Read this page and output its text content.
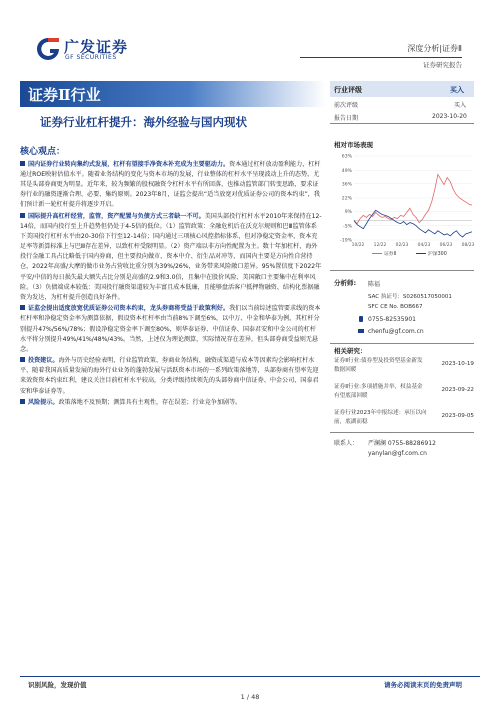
广发证券
GF SECURITIES
深度分析|证券Ⅱ
证券研究报告
证券Ⅱ行业
证券行业杠杆提升：海外经验与国内现状
行业评级	买入
前次评级	买入
报告日期	2023-10-20
相对市场表现
63%
49%
36%
22%
9%
-5%
-19%
10/22 12/22 02/23 04/23 06/23 08/23
证券Ⅱ	沪深300
分析师: 陈福
SAC 执证号：S0260517050001
SFC CE No. BOB667
0755-82535901
chenfu@gf.com.cn
相关研究：
证券Ⅱ行业:债券型及投资型基金新发数据回暖
2023-10-19
证券Ⅱ行业:多项措施并举，权益基金有望底部回暖
2023-09-22
证券行业2023年中报综述：承压以向前，底湖而稳
2023-09-05
联系人： 严澜澜 0755-88286912
yanylan@gf.com.cn
核心观点：

国内证券行业转向集约式发展，杠杆有望接手净资本补充成为主要驱动力。资本通过杠杆放动盈利能力，杠杆通过ROE映射估值水平。随着业务结构的变化与资本市场的发展，行业整体的杠杆水平呈现波动上升的态势，尤其是头部券商更为明显。近年来，较为频繁的股权融资令杠杆水平有所回落，也推动监管部门转变思路，要求证券行业的融资逐渐合理、必要、集约原则。2023年8月，证监会提出“适当放宽对优质证券公司的资本约束”，我们预计新一轮杠杆提升将逐步开启。

国际提升高杠杆经营，监管，资产配置与负债方式三者缺一不可。美国头部投行杠杆水平2010年来保持在12-14倍，而国内投行至上升趋势但仍处于4-5倍的低位。（1）监管政策：全融危机后在沃克尔规则和巴Ⅲ监管体系下美国投行杠杆水平由20-30倍下行至12-14倍；国内通过三项核心风控指标体系，但对净稳定资金率、资本充足率等新算标准上与巴Ⅲ存在差异，以致杠杆受限明显。（2）资产端以非方向性配置为主。数十年加杠杆，海外投行金融工具占比略低于国内券商，但主要投向做市、资本中介、衍生品对冲等，而国内主要是方向性自营持仓，2022年高盛/大摩的做市业务占营收比重分别为39%/26%，业务带来风险敞口差异。95%置信度下2022年平安/中信的每日损失最大额失占比分别是高盛的2.9和3.0倍，且集中在股价风险、美国敞口主要集中在利率风险。（3）负债端成本较低：美国投行融资渠道较为丰富且成本低廉，且能够盘活客户抵押物融资、结构化票据融资为发达，为杠杆提升创造良好条件。

证监会提出适度放宽优质证券公司资本约束，龙头券商将受益于政策利好。我们以当前综述监管要求线的资本杠杆率和净稳定资金率为测算依据，假设资本杠杆率由当前8%下调至6%，以中万、中金和华泰为例，其杠杆分别提升47%/56%/78%；假设净稳定资金率下调至80%，则华泰证券、中信证券、国泰君安和中金公司的杠杆水平将分别提升49%/41%/48%/43%。当然，上述仅为理论测算，实际情况存在差异，但头部券商受益则无悬念。

投资建议。海外与历史经验表明，行业监管政策、券商业务结构、融资成渠道与成本等因素均会影响杠杆水平，随着我国高质量发展的海外行业业务的蓬勃发展与活跃资本市场的一系列政策落地等，头部券商有望率先迎来效资资本约束红利，建议关注目前杠杆水平较高，分类评级持续领先的头部券商中信证券、中金公司、国泰君安和华泰证券等。

风险提示。政策落地不及预期；测算具有主观性，存在误差；行业竞争加剧等。

识别风险，发现价值	请务必阅读末页的免责声明
1 / 48
